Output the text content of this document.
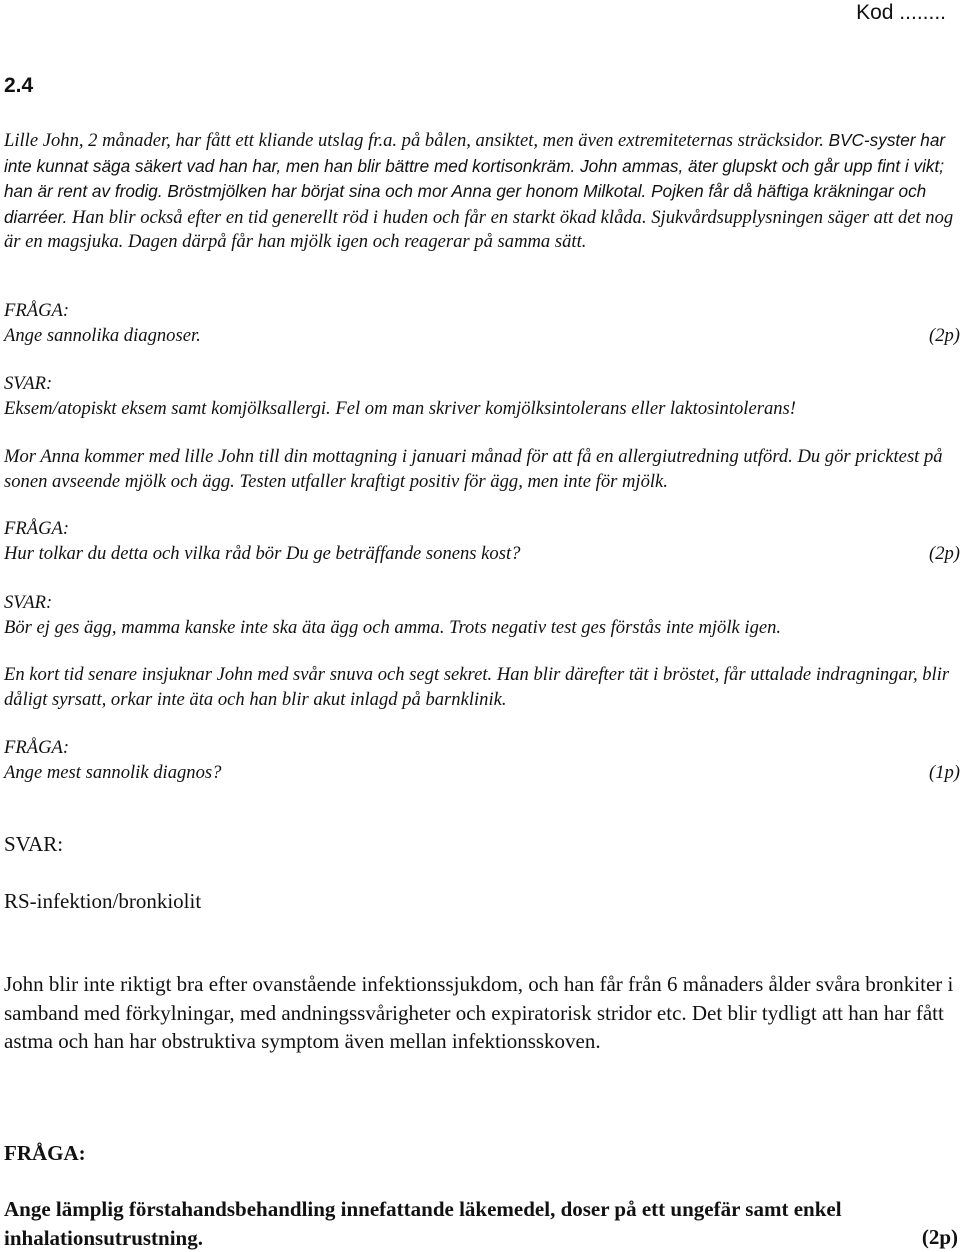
Kod ........
2.4

Lille John, 2 månader, har fått ett kliande utslag fr.a. på bålen, ansiktet, men även extremiteternas sträcksidor. BVC-syster har inte kunnat säga säkert vad han har, men han blir bättre med kortisonkräm. John ammas, äter glupskt och går upp fint i vikt; han är rent av frodig. Bröstmjölken har börjat sina och mor Anna ger honom Milkotal. Pojken får då häftiga kräkningar och diarréer. Han blir också efter en tid generellt röd i huden och får en starkt ökad klåda. Sjukvårdsupplysningen säger att det nog är en magsjuka. Dagen därpå får han mjölk igen och reagerar på samma sätt.

FRÅGA:
Ange sannolika diagnoser.	(2p)
SVAR:
Eksem/atopiskt eksem samt komjölksallergi. Fel om man skriver komjölksintolerans eller laktosintolerans!

Mor Anna kommer med lille John till din mottagning i januari månad för att få en allergiutredning utförd. Du gör pricktest på sonen avseende mjölk och ägg. Testen utfaller kraftigt positiv för ägg, men inte för mjölk.

FRÅGA:
Hur tolkar du detta och vilka råd bör Du ge beträffande sonens kost?	(2p)
SVAR:
Bör ej ges ägg, mamma kanske inte ska äta ägg och amma. Trots negativ test ges förstås inte mjölk igen.

En kort tid senare insjuknar John med svår snuva och segt sekret. Han blir därefter tät i bröstet, får uttalade indragningar, blir dåligt syrsatt, orkar inte äta och han blir akut inlagd på barnklinik.

FRÅGA:
Ange mest sannolik diagnos?	(1p)
SVAR:
RS-infektion/bronkiolit

John blir inte riktigt bra efter ovanstående infektionssjukdom, och han får från 6 månaders ålder svåra bronkiter i samband med förkylningar, med andningssvårigheter och expiratorisk stridor etc. Det blir tydligt att han har fått astma och han har obstruktiva symptom även mellan infektionsskoven.

FRÅGA:
Ange lämplig förstahandsbehandling innefattande läkemedel, doser på ett ungefär samt enkel inhalationsutrustning.	(2p)
